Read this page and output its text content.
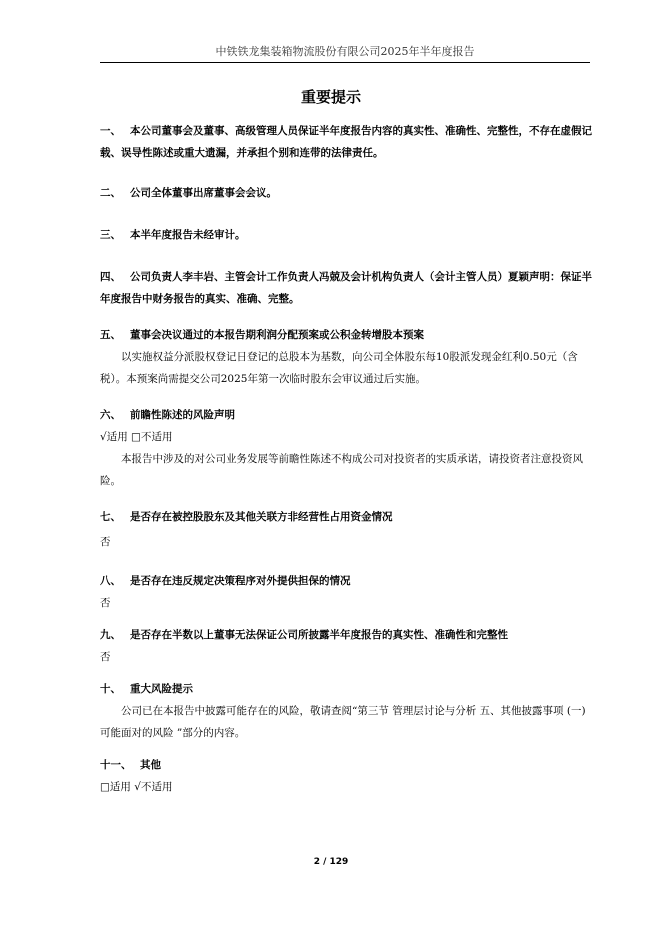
中铁铁龙集装箱物流股份有限公司2025年半年度报告
重要提示
一、 本公司董事会及董事、高级管理人员保证半年度报告内容的真实性、准确性、完整性，不存在虚假记载、误导性陈述或重大遗漏，并承担个别和连带的法律责任。
二、 公司全体董事出席董事会会议。
三、 本半年度报告未经审计。
四、 公司负责人李丰岩、主管会计工作负责人冯兢及会计机构负责人（会计主管人员）夏颖声明：保证半年度报告中财务报告的真实、准确、完整。
五、 董事会决议通过的本报告期利润分配预案或公积金转增股本预案
以实施权益分派股权登记日登记的总股本为基数，向公司全体股东每10股派发现金红利0.50元（含税）。本预案尚需提交公司2025年第一次临时股东会审议通过后实施。
六、 前瞻性陈述的风险声明
√适用 □不适用
本报告中涉及的对公司业务发展等前瞻性陈述不构成公司对投资者的实质承诺，请投资者注意投资风险。
七、 是否存在被控股股东及其他关联方非经营性占用资金情况
否
八、 是否存在违反规定决策程序对外提供担保的情况
否
九、 是否存在半数以上董事无法保证公司所披露半年度报告的真实性、准确性和完整性
否
十、 重大风险提示
公司已在本报告中披露可能存在的风险，敬请查阅“第三节 管理层讨论与分析 五、其他披露事项 (一) 可能面对的风险 ”部分的内容。
十一、 其他
□适用 √不适用
2 / 129
